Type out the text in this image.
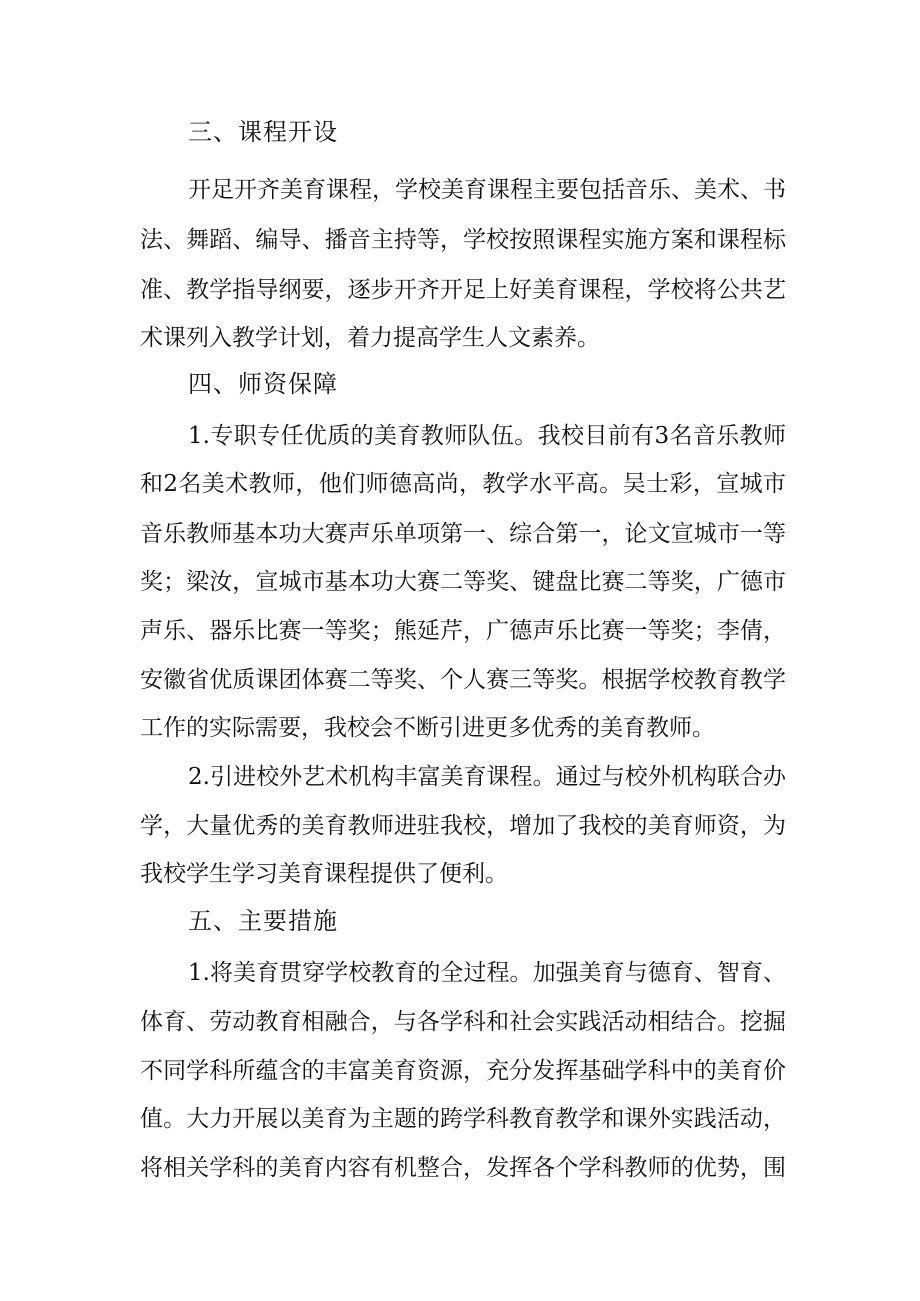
三、课程开设
开足开齐美育课程，学校美育课程主要包括音乐、美术、书
法、舞蹈、编导、播音主持等，学校按照课程实施方案和课程标
准、教学指导纲要，逐步开齐开足上好美育课程，学校将公共艺
术课列入教学计划，着力提高学生人文素养。
四、师资保障
1.专职专任优质的美育教师队伍。我校目前有3名音乐教师
和2名美术教师，他们师德高尚，教学水平高。吴士彩，宣城市
音乐教师基本功大赛声乐单项第一、综合第一，论文宣城市一等
奖；梁汝，宣城市基本功大赛二等奖、键盘比赛二等奖，广德市
声乐、器乐比赛一等奖；熊延芹，广德声乐比赛一等奖；李倩，
安徽省优质课团体赛二等奖、个人赛三等奖。根据学校教育教学
工作的实际需要，我校会不断引进更多优秀的美育教师。
2.引进校外艺术机构丰富美育课程。通过与校外机构联合办
学，大量优秀的美育教师进驻我校，增加了我校的美育师资，为
我校学生学习美育课程提供了便利。
五、主要措施
1.将美育贯穿学校教育的全过程。加强美育与德育、智育、
体育、劳动教育相融合，与各学科和社会实践活动相结合。挖掘
不同学科所蕴含的丰富美育资源，充分发挥基础学科中的美育价
值。大力开展以美育为主题的跨学科教育教学和课外实践活动，
将相关学科的美育内容有机整合，发挥各个学科教师的优势，围
